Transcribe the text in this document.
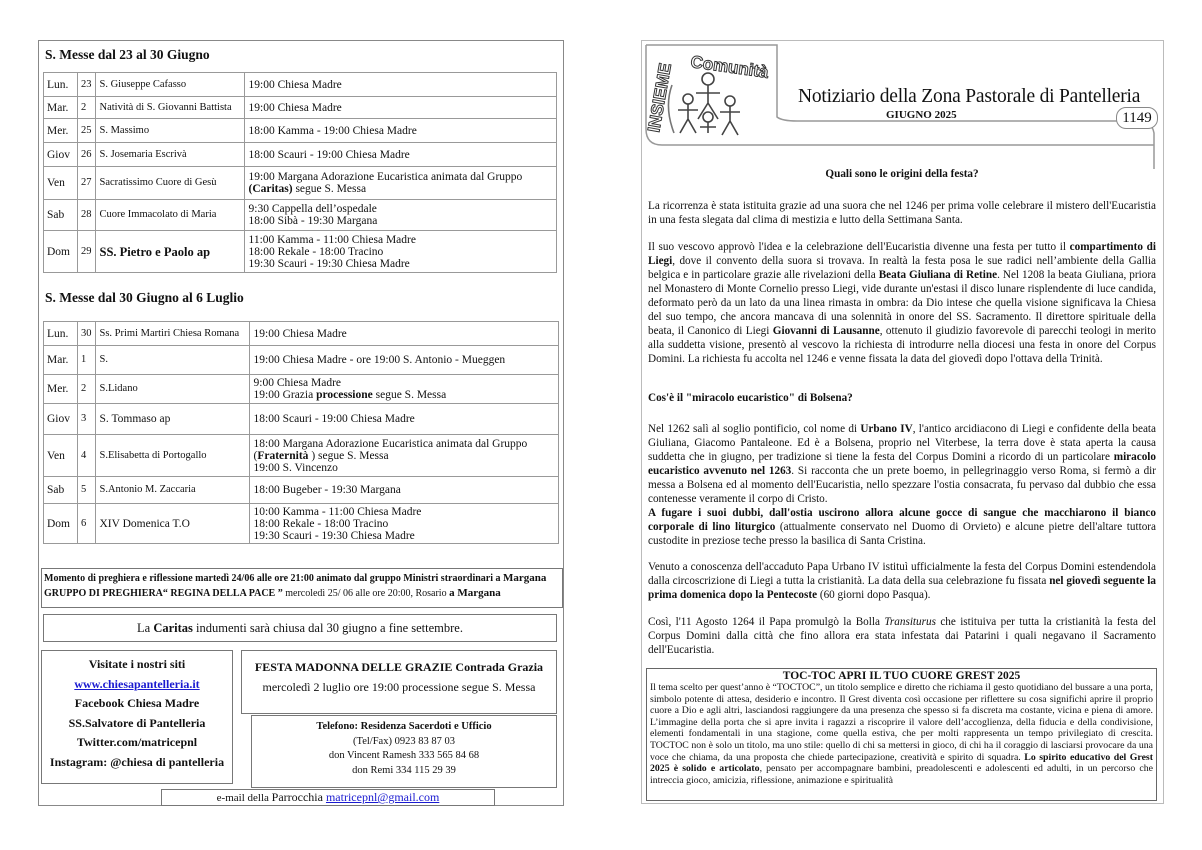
S. Messe dal 23 al 30 Giugno
Lun.	23	S. Giuseppe Cafasso	19:00 Chiesa Madre

Mar.	2	Natività di S. Giovanni Battista	19:00 Chiesa Madre

Mer.	25	S. Massimo	18:00 Kamma - 19:00 Chiesa Madre

Giov	26	S. Josemaria Escrivà	18:00 Scauri - 19:00 Chiesa Madre

Ven	27	Sacratissimo Cuore di Gesù	19:00 Margana Adorazione Eucaristica animata dal Gruppo
(Caritas) segue S. Messa

Sab	28	Cuore Immacolato di Maria	9:30 Cappella dell’ospedale
18:00 Sibà - 19:30 Margana

Dom	29	SS. Pietro e Paolo ap	11:00 Kamma - 11:00 Chiesa Madre
18:00 Rekale - 18:00 Tracino
19:30 Scauri - 19:30 Chiesa Madre
S. Messe dal 30 Giugno al 6 Luglio
Lun.	30	Ss. Primi Martiri Chiesa Romana	19:00 Chiesa Madre

Mar.	1	S.	19:00 Chiesa Madre - ore 19:00 S. Antonio - Mueggen

Mer.	2	S.Lidano	9:00 Chiesa Madre
19:00 Grazia processione segue S. Messa

Giov	3	S. Tommaso ap	18:00 Scauri - 19:00 Chiesa Madre

Ven	4	S.Elisabetta di Portogallo	18:00 Margana Adorazione Eucaristica animata dal Gruppo
(Fraternità ) segue S. Messa
19:00 S. Vincenzo

Sab	5	S.Antonio M. Zaccaria	18:00 Bugeber - 19:30 Margana

Dom	6	XIV Domenica T.O	10:00 Kamma - 11:00 Chiesa Madre
18:00 Rekale - 18:00 Tracino
19:30 Scauri - 19:30 Chiesa Madre
Momento di preghiera e riflessione martedì 24/06 alle ore 21:00 animato dal gruppo Ministri straordinari a Margana
GRUPPO DI PREGHIERA“ REGINA DELLA PACE ” mercoledì 25/ 06 alle ore 20:00, Rosario a Margana
La Caritas indumenti sarà chiusa dal 30 giugno a fine settembre.
Visitate i nostri siti
www.chiesapantelleria.it
Facebook Chiesa Madre
SS.Salvatore di Pantelleria
Twitter.com/matricepnl
Instagram: @chiesa di pantelleria
FESTA MADONNA DELLE GRAZIE Contrada Grazia
mercoledì 2 luglio ore 19:00 processione segue S. Messa
Telefono: Residenza Sacerdoti e Ufficio
(Tel/Fax) 0923 83 87 03
don Vincent Ramesh 333 565 84 68
don Remi 334 115 29 39
e-mail della Parrocchia matricepnl@gmail.com
INSIEME Comunità
Notiziario della Zona Pastorale di Pantelleria
GIUGNO 2025	1149
Quali sono le origini della festa?

La ricorrenza è stata istituita grazie ad una suora che nel 1246 per prima volle celebrare il mistero dell'Eucaristia in una festa slegata dal clima di mestizia e lutto della Settimana Santa.

Il suo vescovo approvò l'idea e la celebrazione dell'Eucaristia divenne una festa per tutto il compartimento di Liegi, dove il convento della suora si trovava. In realtà la festa posa le sue radici nell’ambiente della Gallia belgica e in particolare grazie alle rivelazioni della Beata Giuliana di Retine. Nel 1208 la beata Giuliana, priora nel Monastero di Monte Cornelio presso Liegi, vide durante un'estasi il disco lunare risplendente di luce candida, deformato però da un lato da una linea rimasta in ombra: da Dio intese che quella visione significava la Chiesa del suo tempo, che ancora mancava di una solennità in onore del SS. Sacramento. Il direttore spirituale della beata, il Canonico di Liegi Giovanni di Lausanne, ottenuto il giudizio favorevole di parecchi teologi in merito alla suddetta visione, presentò al vescovo la richiesta di introdurre nella diocesi una festa in onore del Corpus Domini. La richiesta fu accolta nel 1246 e venne fissata la data del giovedì dopo l'ottava della Trinità.

Cos'è il "miracolo eucaristico" di Bolsena?

Nel 1262 salì al soglio pontificio, col nome di Urbano IV, l'antico arcidiacono di Liegi e confidente della beata Giuliana, Giacomo Pantaleone. Ed è a Bolsena, proprio nel Viterbese, la terra dove è stata aperta la causa suddetta che in giugno, per tradizione si tiene la festa del Corpus Domini a ricordo di un particolare miracolo eucaristico avvenuto nel 1263. Si racconta che un prete boemo, in pellegrinaggio verso Roma, si fermò a dir messa a Bolsena ed al momento dell'Eucaristia, nello spezzare l'ostia consacrata, fu pervaso dal dubbio che essa contenesse veramente il corpo di Cristo.

A fugare i suoi dubbi, dall'ostia uscirono allora alcune gocce di sangue che macchiarono il bianco corporale di lino liturgico (attualmente conservato nel Duomo di Orvieto) e alcune pietre dell'altare tuttora custodite in preziose teche presso la basilica di Santa Cristina.

Venuto a conoscenza dell'accaduto Papa Urbano IV istituì ufficialmente la festa del Corpus Domini estendendola dalla circoscrizione di Liegi a tutta la cristianità. La data della sua celebrazione fu fissata nel giovedì seguente la prima domenica dopo la Pentecoste (60 giorni dopo Pasqua).

Così, l'11 Agosto 1264 il Papa promulgò la Bolla Transiturus che istituiva per tutta la cristianità la festa del Corpus Domini dalla città che fino allora era stata infestata dai Patarini i quali negavano il Sacramento dell'Eucaristia.

TOC-TOC APRI IL TUO CUORE GREST 2025
Il tema scelto per quest’anno è “TOCTOC”, un titolo semplice e diretto che richiama il gesto quotidiano del bussare a una porta, simbolo potente di attesa, desiderio e incontro. Il Grest diventa così occasione per riflettere su cosa significhi aprire il proprio cuore a Dio e agli altri, lasciandosi raggiungere da una presenza che spesso si fa discreta ma costante, vicina e piena di amore. L’immagine della porta che si apre invita i ragazzi a riscoprire il valore dell’accoglienza, della fiducia e della condivisione, elementi fondamentali in una stagione, come quella estiva, che per molti rappresenta un tempo privilegiato di crescita. TOCTOC non è solo un titolo, ma uno stile: quello di chi sa mettersi in gioco, di chi ha il coraggio di lasciarsi provocare da una voce che chiama, da una proposta che chiede partecipazione, creatività e spirito di squadra. Lo spirito educativo del Grest 2025 è solido e articolato, pensato per accompagnare bambini, preadolescenti e adolescenti ed adulti, in un percorso che intreccia gioco, amicizia, riflessione, animazione e spiritualità
